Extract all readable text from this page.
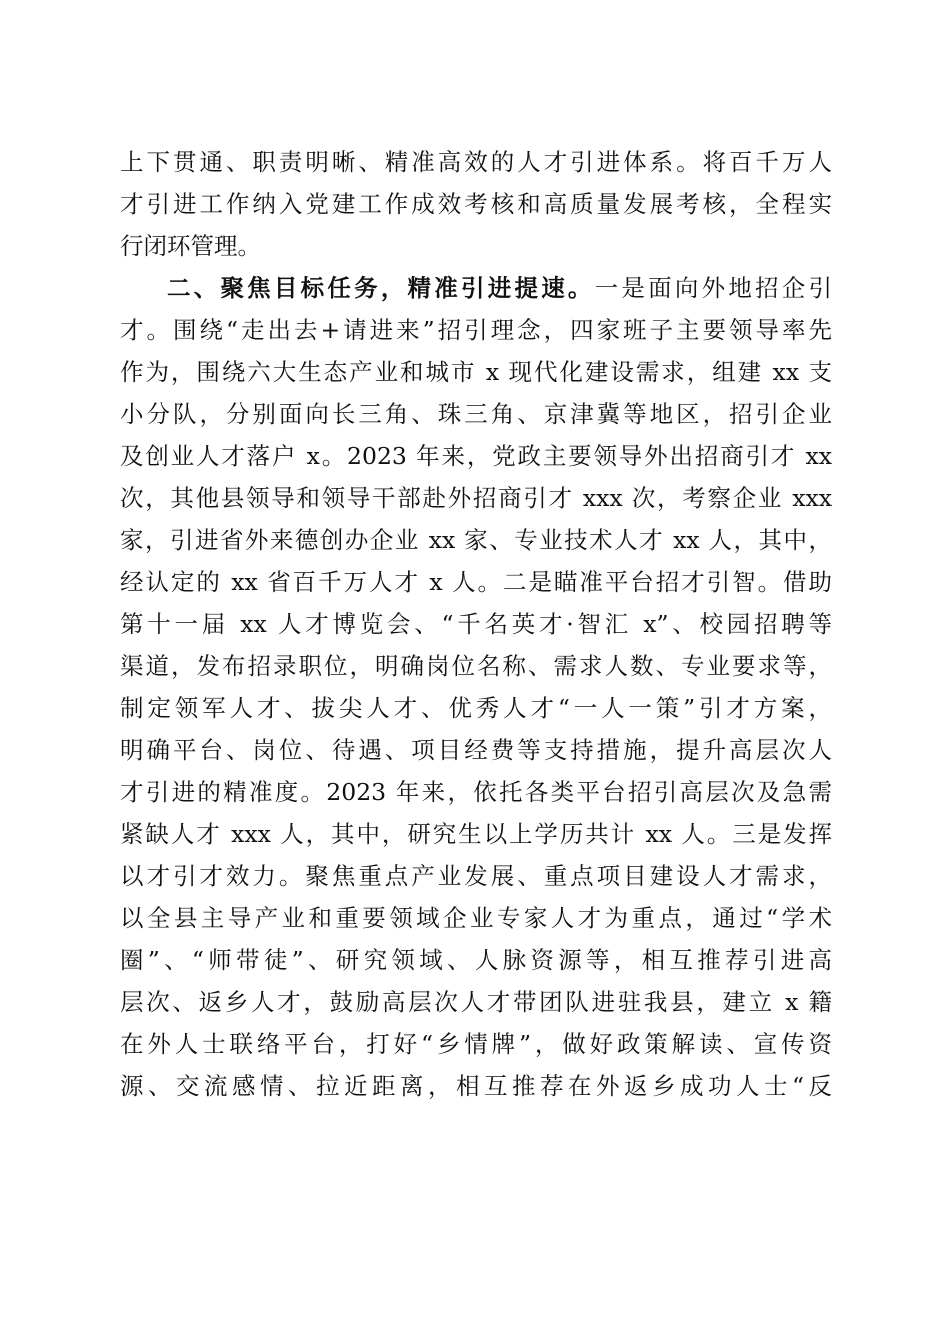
上下贯通、职责明晰、精准高效的人才引进体系。将百千万人
才引进工作纳入党建工作成效考核和高质量发展考核，全程实
行闭环管理。
二、聚焦目标任务，精准引进提速。一是面向外地招企引
才。围绕“走出去+请进来”招引理念，四家班子主要领导率先
作为，围绕六大生态产业和城市 x 现代化建设需求，组建 xx 支
小分队，分别面向长三角、珠三角、京津冀等地区，招引企业
及创业人才落户 x。2023 年来，党政主要领导外出招商引才 xx
次，其他县领导和领导干部赴外招商引才 xxx 次，考察企业 xxx
家，引进省外来德创办企业 xx 家、专业技术人才 xx 人，其中，
经认定的 xx 省百千万人才 x 人。二是瞄准平台招才引智。借助
第十一届 xx 人才博览会、“千名英才·智汇 x”、校园招聘等
渠道，发布招录职位，明确岗位名称、需求人数、专业要求等，
制定领军人才、拔尖人才、优秀人才“一人一策”引才方案，
明确平台、岗位、待遇、项目经费等支持措施，提升高层次人
才引进的精准度。2023 年来，依托各类平台招引高层次及急需
紧缺人才 xxx 人，其中，研究生以上学历共计 xx 人。三是发挥
以才引才效力。聚焦重点产业发展、重点项目建设人才需求，
以全县主导产业和重要领域企业专家人才为重点，通过“学术
圈”、“师带徒”、研究领域、人脉资源等，相互推荐引进高
层次、返乡人才，鼓励高层次人才带团队进驻我县，建立 x 籍
在外人士联络平台，打好“乡情牌”，做好政策解读、宣传资
源、交流感情、拉近距离，相互推荐在外返乡成功人士“反
